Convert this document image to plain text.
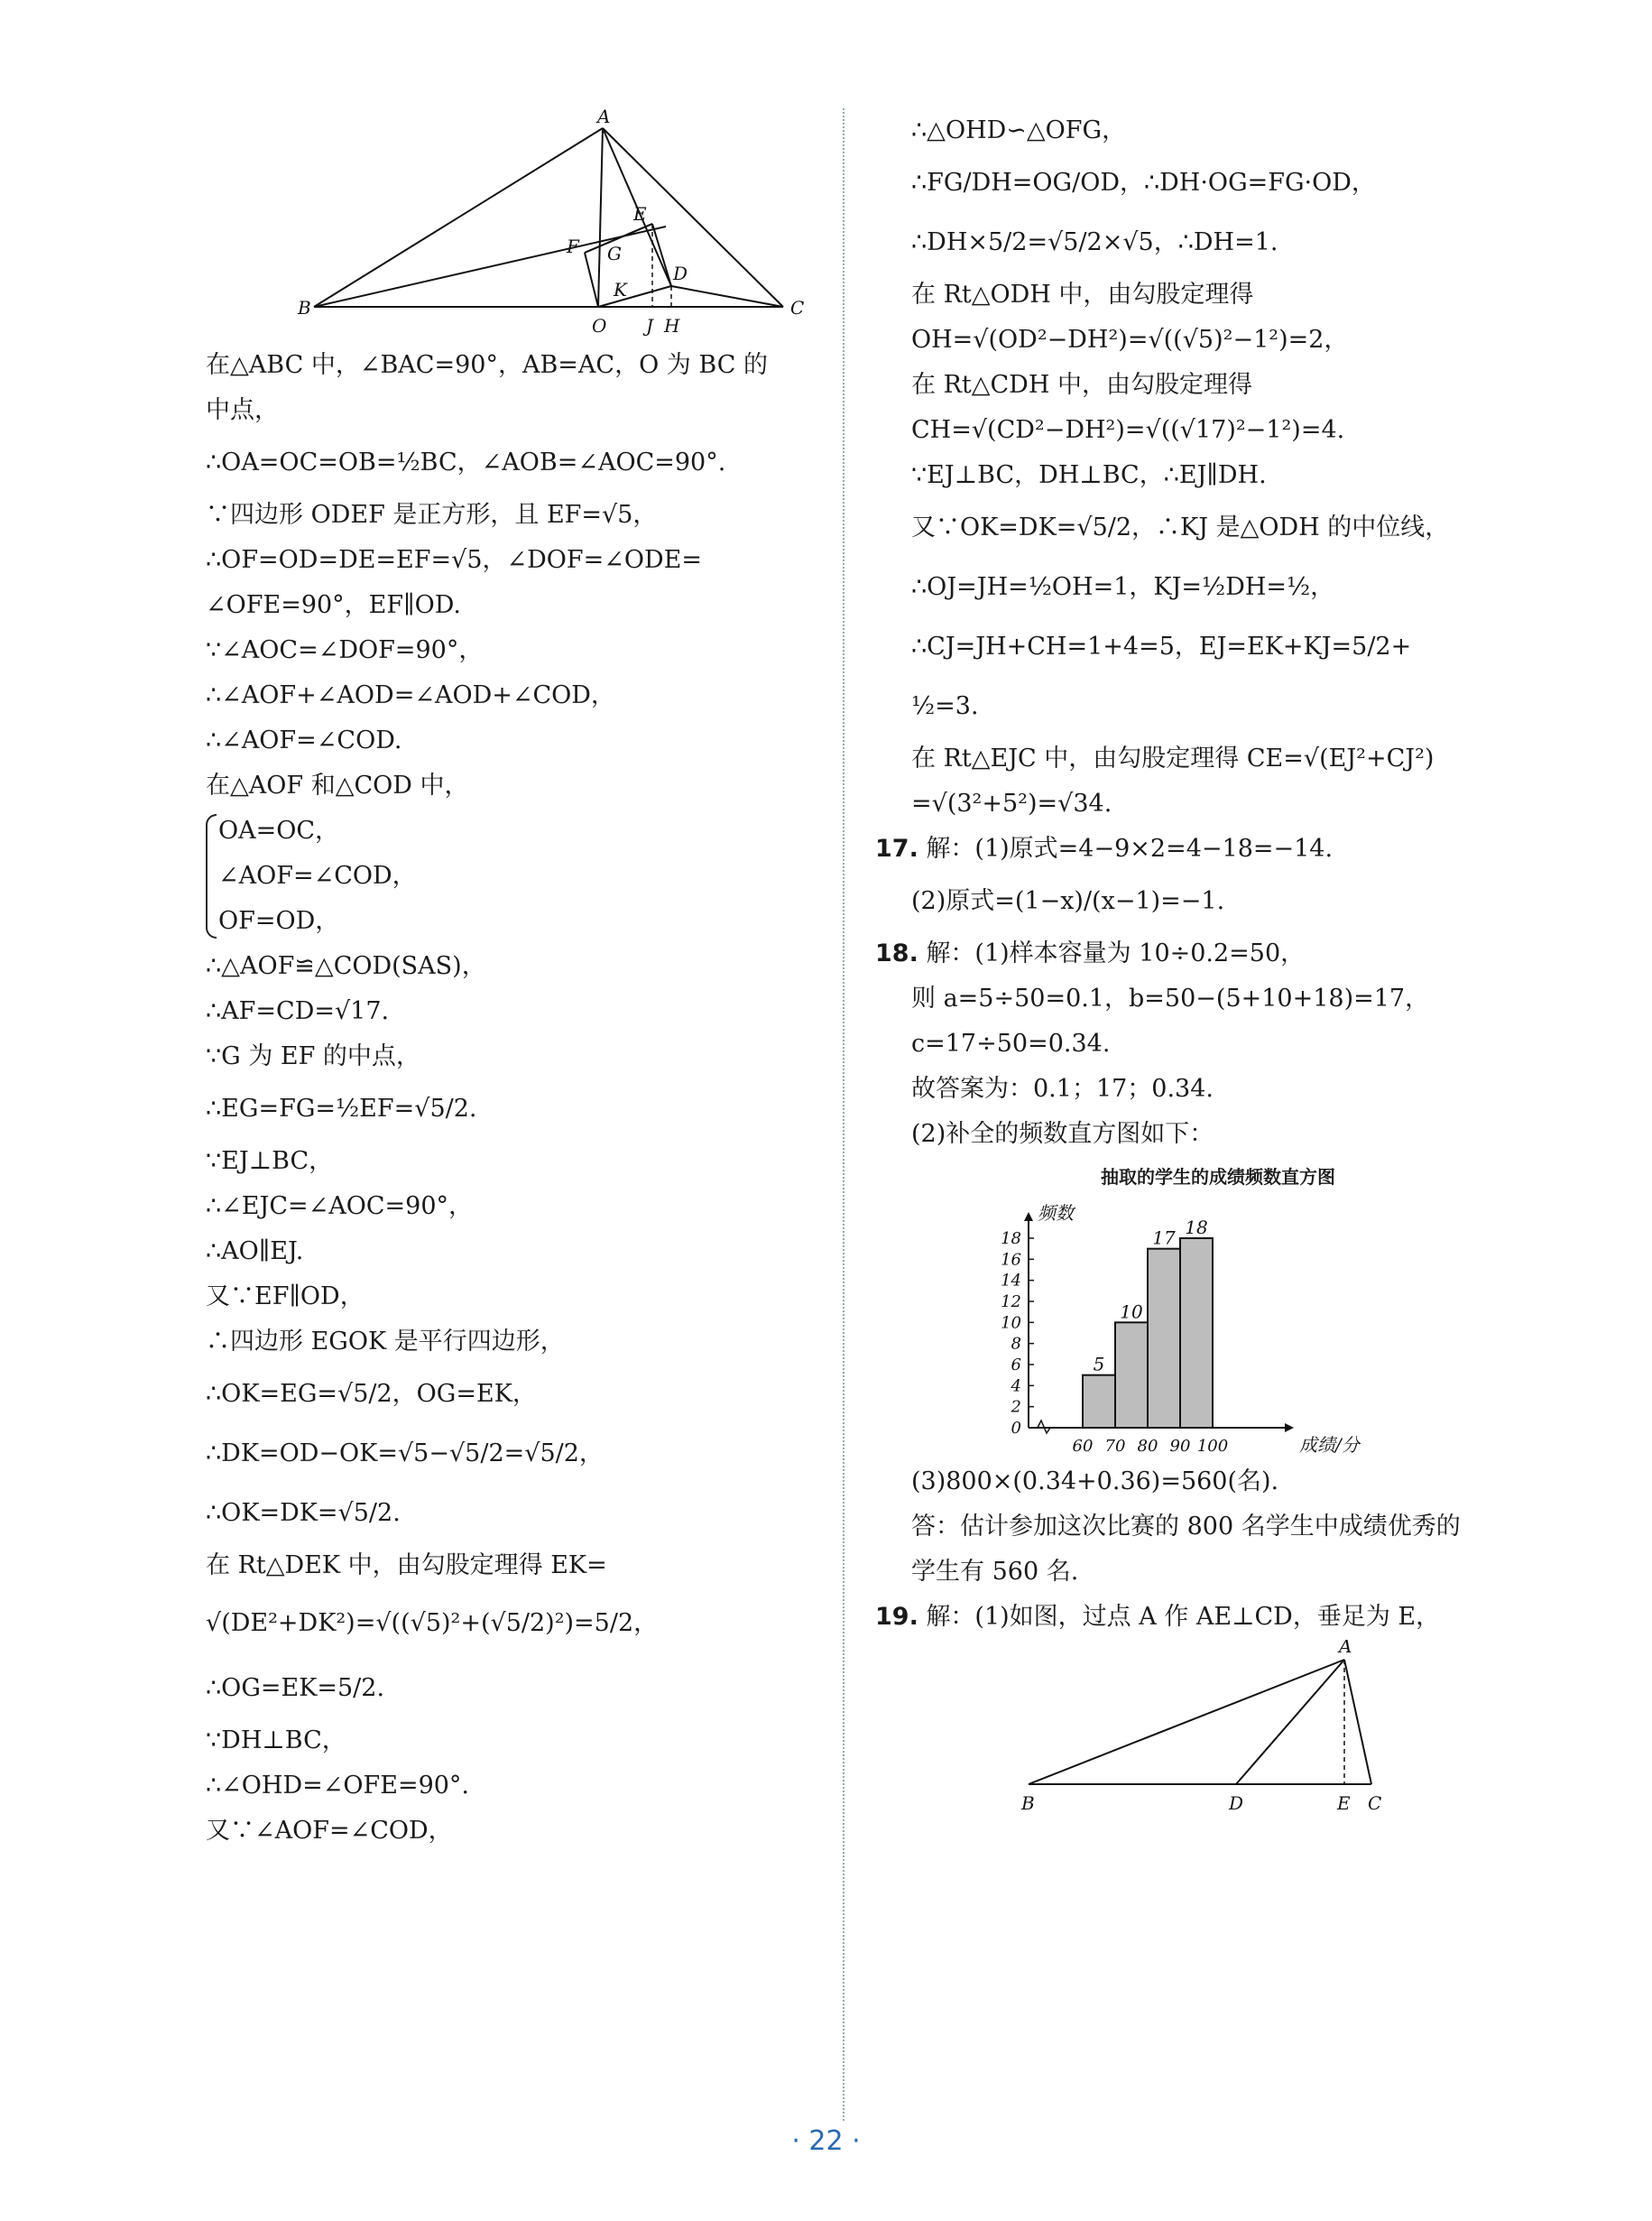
A
B	C
O J H
E
F G
K
D
在△ABC 中，∠BAC=90°，AB=AC，O 为 BC 的
中点，
∴OA=OC=OB=½BC，∠AOB=∠AOC=90°.
∵四边形 ODEF 是正方形，且 EF=√5，
∴OF=OD=DE=EF=√5，∠DOF=∠ODE=
∠OFE=90°，EF∥OD.
∵∠AOC=∠DOF=90°，
∴∠AOF+∠AOD=∠AOD+∠COD，
∴∠AOF=∠COD.
在△AOF 和△COD 中，
OA=OC，
∠AOF=∠COD，
OF=OD，
∴△AOF≌△COD(SAS)，
∴AF=CD=√17.
∵G 为 EF 的中点，
∴EG=FG=½EF=√5/2.
∵EJ⊥BC，
∴∠EJC=∠AOC=90°，
∴AO∥EJ.
又∵EF∥OD，
∴四边形 EGOK 是平行四边形，
∴OK=EG=√5/2，OG=EK，
∴DK=OD−OK=√5−√5/2=√5/2，
∴OK=DK=√5/2.
在 Rt△DEK 中，由勾股定理得 EK=
√(DE²+DK²)=√((√5)²+(√5/2)²)=5/2，
∴OG=EK=5/2.
∵DH⊥BC，
∴∠OHD=∠OFE=90°.
又∵∠AOF=∠COD，
∴△OHD∽△OFG，
∴FG/DH=OG/OD，∴DH·OG=FG·OD，
∴DH×5/2=√5/2×√5，∴DH=1.
在 Rt△ODH 中，由勾股定理得
OH=√(OD²−DH²)=√((√5)²−1²)=2，
在 Rt△CDH 中，由勾股定理得
CH=√(CD²−DH²)=√((√17)²−1²)=4.
∵EJ⊥BC，DH⊥BC，∴EJ∥DH.
又∵OK=DK=√5/2，∴KJ 是△ODH 的中位线，
∴OJ=JH=½OH=1，KJ=½DH=½，
∴CJ=JH+CH=1+4=5，EJ=EK+KJ=5/2+
½=3.
在 Rt△EJC 中，由勾股定理得 CE=√(EJ²+CJ²)
=√(3²+5²)=√34.
17. 解：(1)原式=4−9×2=4−18=−14.
(2)原式=(1−x)/(x−1)=−1.
18. 解：(1)样本容量为 10÷0.2=50，
则 a=5÷50=0.1，b=50−(5+10+18)=17，
c=17÷50=0.34.
故答案为：0.1；17；0.34.
(2)补全的频数直方图如下：
抽取的学生的成绩频数直方图
0
2
4
6
8
10
12
14
16
18
频数
60 70 80 90 100	成绩/分
5
10
17 18
(3)800×(0.34+0.36)=560(名).
答：估计参加这次比赛的 800 名学生中成绩优秀的
学生有 560 名.
19. 解：(1)如图，过点 A 作 AE⊥CD，垂足为 E，
A
B	D	E C
· 22 ·
